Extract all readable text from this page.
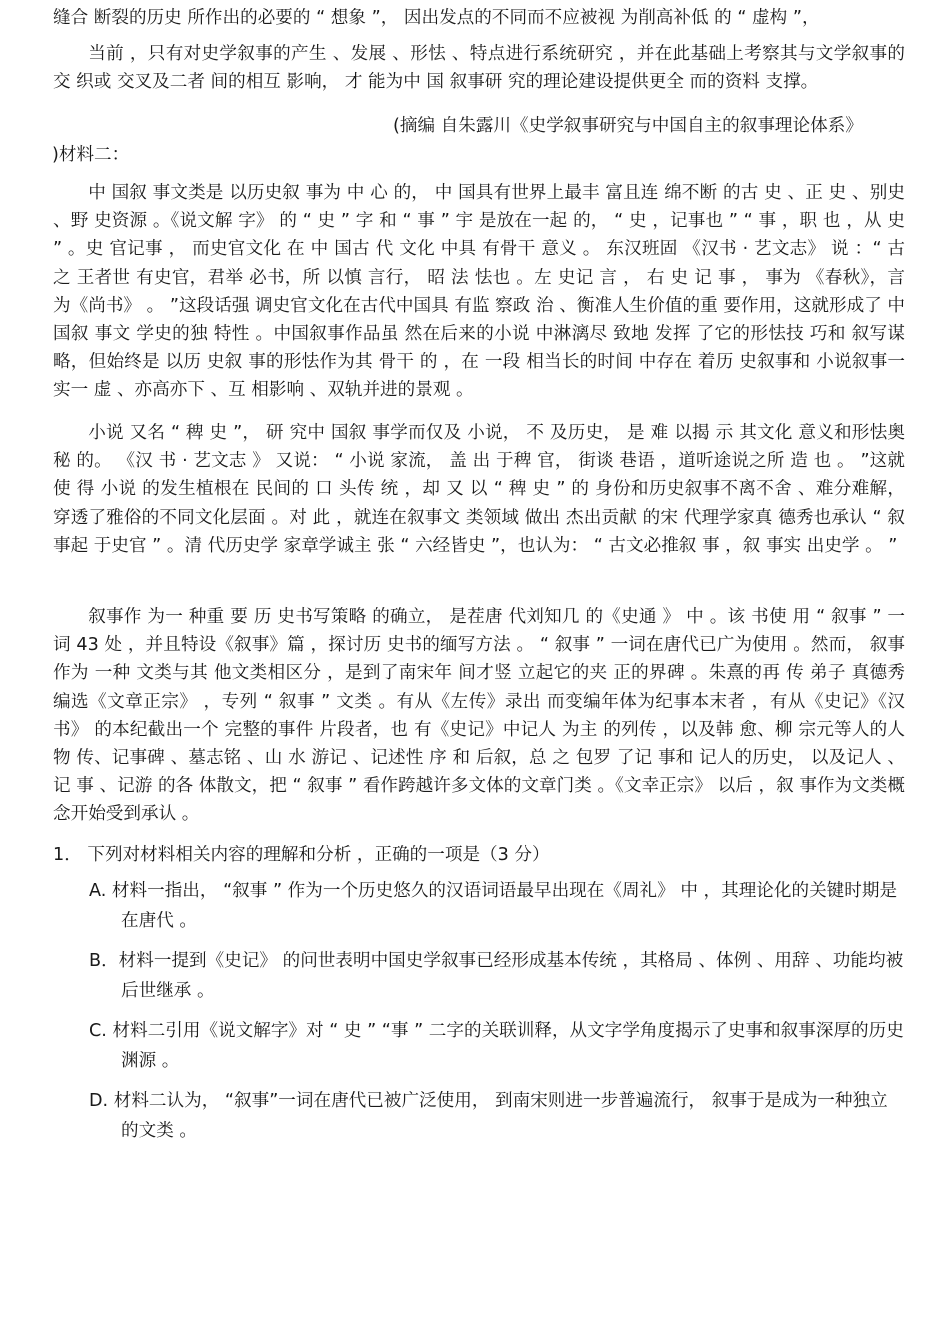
缝合 断裂的历史 所作出的必要的 “ 想象 ”， 因出发点的不同而不应被视 为削高补低 的 “ 虚构 ”，

当前 ，只有对史学叙事的产生 、发展 、形怯 、特点进行系统研究 ，并在此基础上考察其与文学叙事的交 织或 交叉及二者 间的相互 影响， 才 能为中 国 叙事研 究的理论建设提供更全 而的资料 支撑。

(摘编 自朱露川《史学叙事研究与中国自主的叙事理论体系》

)材料二：

中 国叙 事文类是 以历史叙 事为 中 心 的， 中 国具有世界上最丰 富且连 绵不断 的古 史 、正 史 、别史 、野 史资源 。《说文解 字》 的 “ 史 ” 字 和 “ 事 ” 宇 是放在一起 的， “ 史 ，记事也 ” “ 事 ，职 也 ，从 史 ” 。史 官记事 ， 而史官文化 在 中 国古 代 文化 中具 有骨干 意义 。 东汉班固 《汉书 · 艺文志》 说 ：“ 古之 王者世 有史官，君举 必书，所 以慎 言行， 昭 法 怯也 。左 史记 言 ， 右 史 记 事 ， 事为 《春秋》，言 为《尚书》 。 ”这段话强 调史官文化在古代中国具 有监 察政 治 、衡准人生价值的重 要作用，这就形成了 中国叙 事文 学史的独 特性 。中国叙事作品虽 然在后来的小说 中淋漓尽 致地 发挥 了它的形怯技 巧和 叙写谋略，但始终是 以历 史叙 事的形怯作为其 骨干 的 ，在 一段 相当长的时间 中存在 着历 史叙事和 小说叙事一 实一 虚 、亦高亦下 、互 相影响 、双轨并进的景观 。

小说 又名 “ 稗 史 ”， 研 究中 国叙 事学而仅及 小说， 不 及历史， 是 难 以揭 示 其文化 意义和形怯奥秘 的。 《汉 书 · 艺文志 》 又说： “ 小说 家流， 盖 出 于稗 官， 街谈 巷语 ，道听途说之所 造 也 。 ”这就使 得 小说 的发生植根在 民间的 口 头传 统 ，却 又 以 “ 稗 史 ” 的 身份和历史叙事不离不舍 、难分难解， 穿透了雅俗的不同文化层面 。对 此 ，就连在叙事文 类领域 做出 杰出贡献 的宋 代理学家真 德秀也承认 “ 叙事起 于史官 ” 。清 代历史学 家章学诚主 张 “ 六经皆史 ”，也认为： “ 古文必推叙 事 ，叙 事实 出史学 。 ”

叙事作 为一 种重 要 历 史书写策略 的确立， 是茬唐 代刘知几 的《史通 》 中 。该 书使 用 “ 叙事 ” 一词 43 处 ，并且特设《叙事》篇 ，探讨历 史书的缅写方法 。 “ 叙事 ” 一词在唐代已广为使用 。然而， 叙事作为 一种 文类与其 他文类相区分 ，是到了南宋年 间才竖 立起它的夹 正的界碑 。朱熹的再 传 弟子 真德秀编选《文章正宗》 ，专列 “ 叙事 ” 文类 。有从《左传》录出 而变编年体为纪事本末者 ，有从《史记》《汉书》 的本纪截出一个 完整的事件 片段者，也 有《史记》中记人 为主 的列传 ，以及韩 愈、柳 宗元等人的人物 传、记事碑 、墓志铭 、山 水 游记 、记述性 序 和 后叙，总 之 包罗 了记 事和 记人的历史， 以及记人 、记 事 、记游 的各 体散文，把 “ 叙事 ” 看作跨越许多文体的文章门类 。《文幸正宗》 以后 ，叙 事作为文类概念开始受到承认 。

1． 下列对材料相关内容的理解和分析 ，正确的一项是（3 分）

A. 材料一指出， “叙事 ” 作为一个历史悠久的汉语词语最早出现在《周礼》 中 ，其理论化的关键时期是在唐代 。

B．材料一提到《史记》 的问世表明中国史学叙事已经形成基本传统 ，其格局 、体例 、用辞 、功能均被后世继承 。

C. 材料二引用《说文解字》对 “ 史 ” “事 ” 二字的关联训释，从文字学角度揭示了史事和叙事深厚的历史渊源 。

D. 材料二认为， “叙事”一词在唐代已被广泛使用， 到南宋则进一步普遍流行， 叙事于是成为一种独立的文类 。
